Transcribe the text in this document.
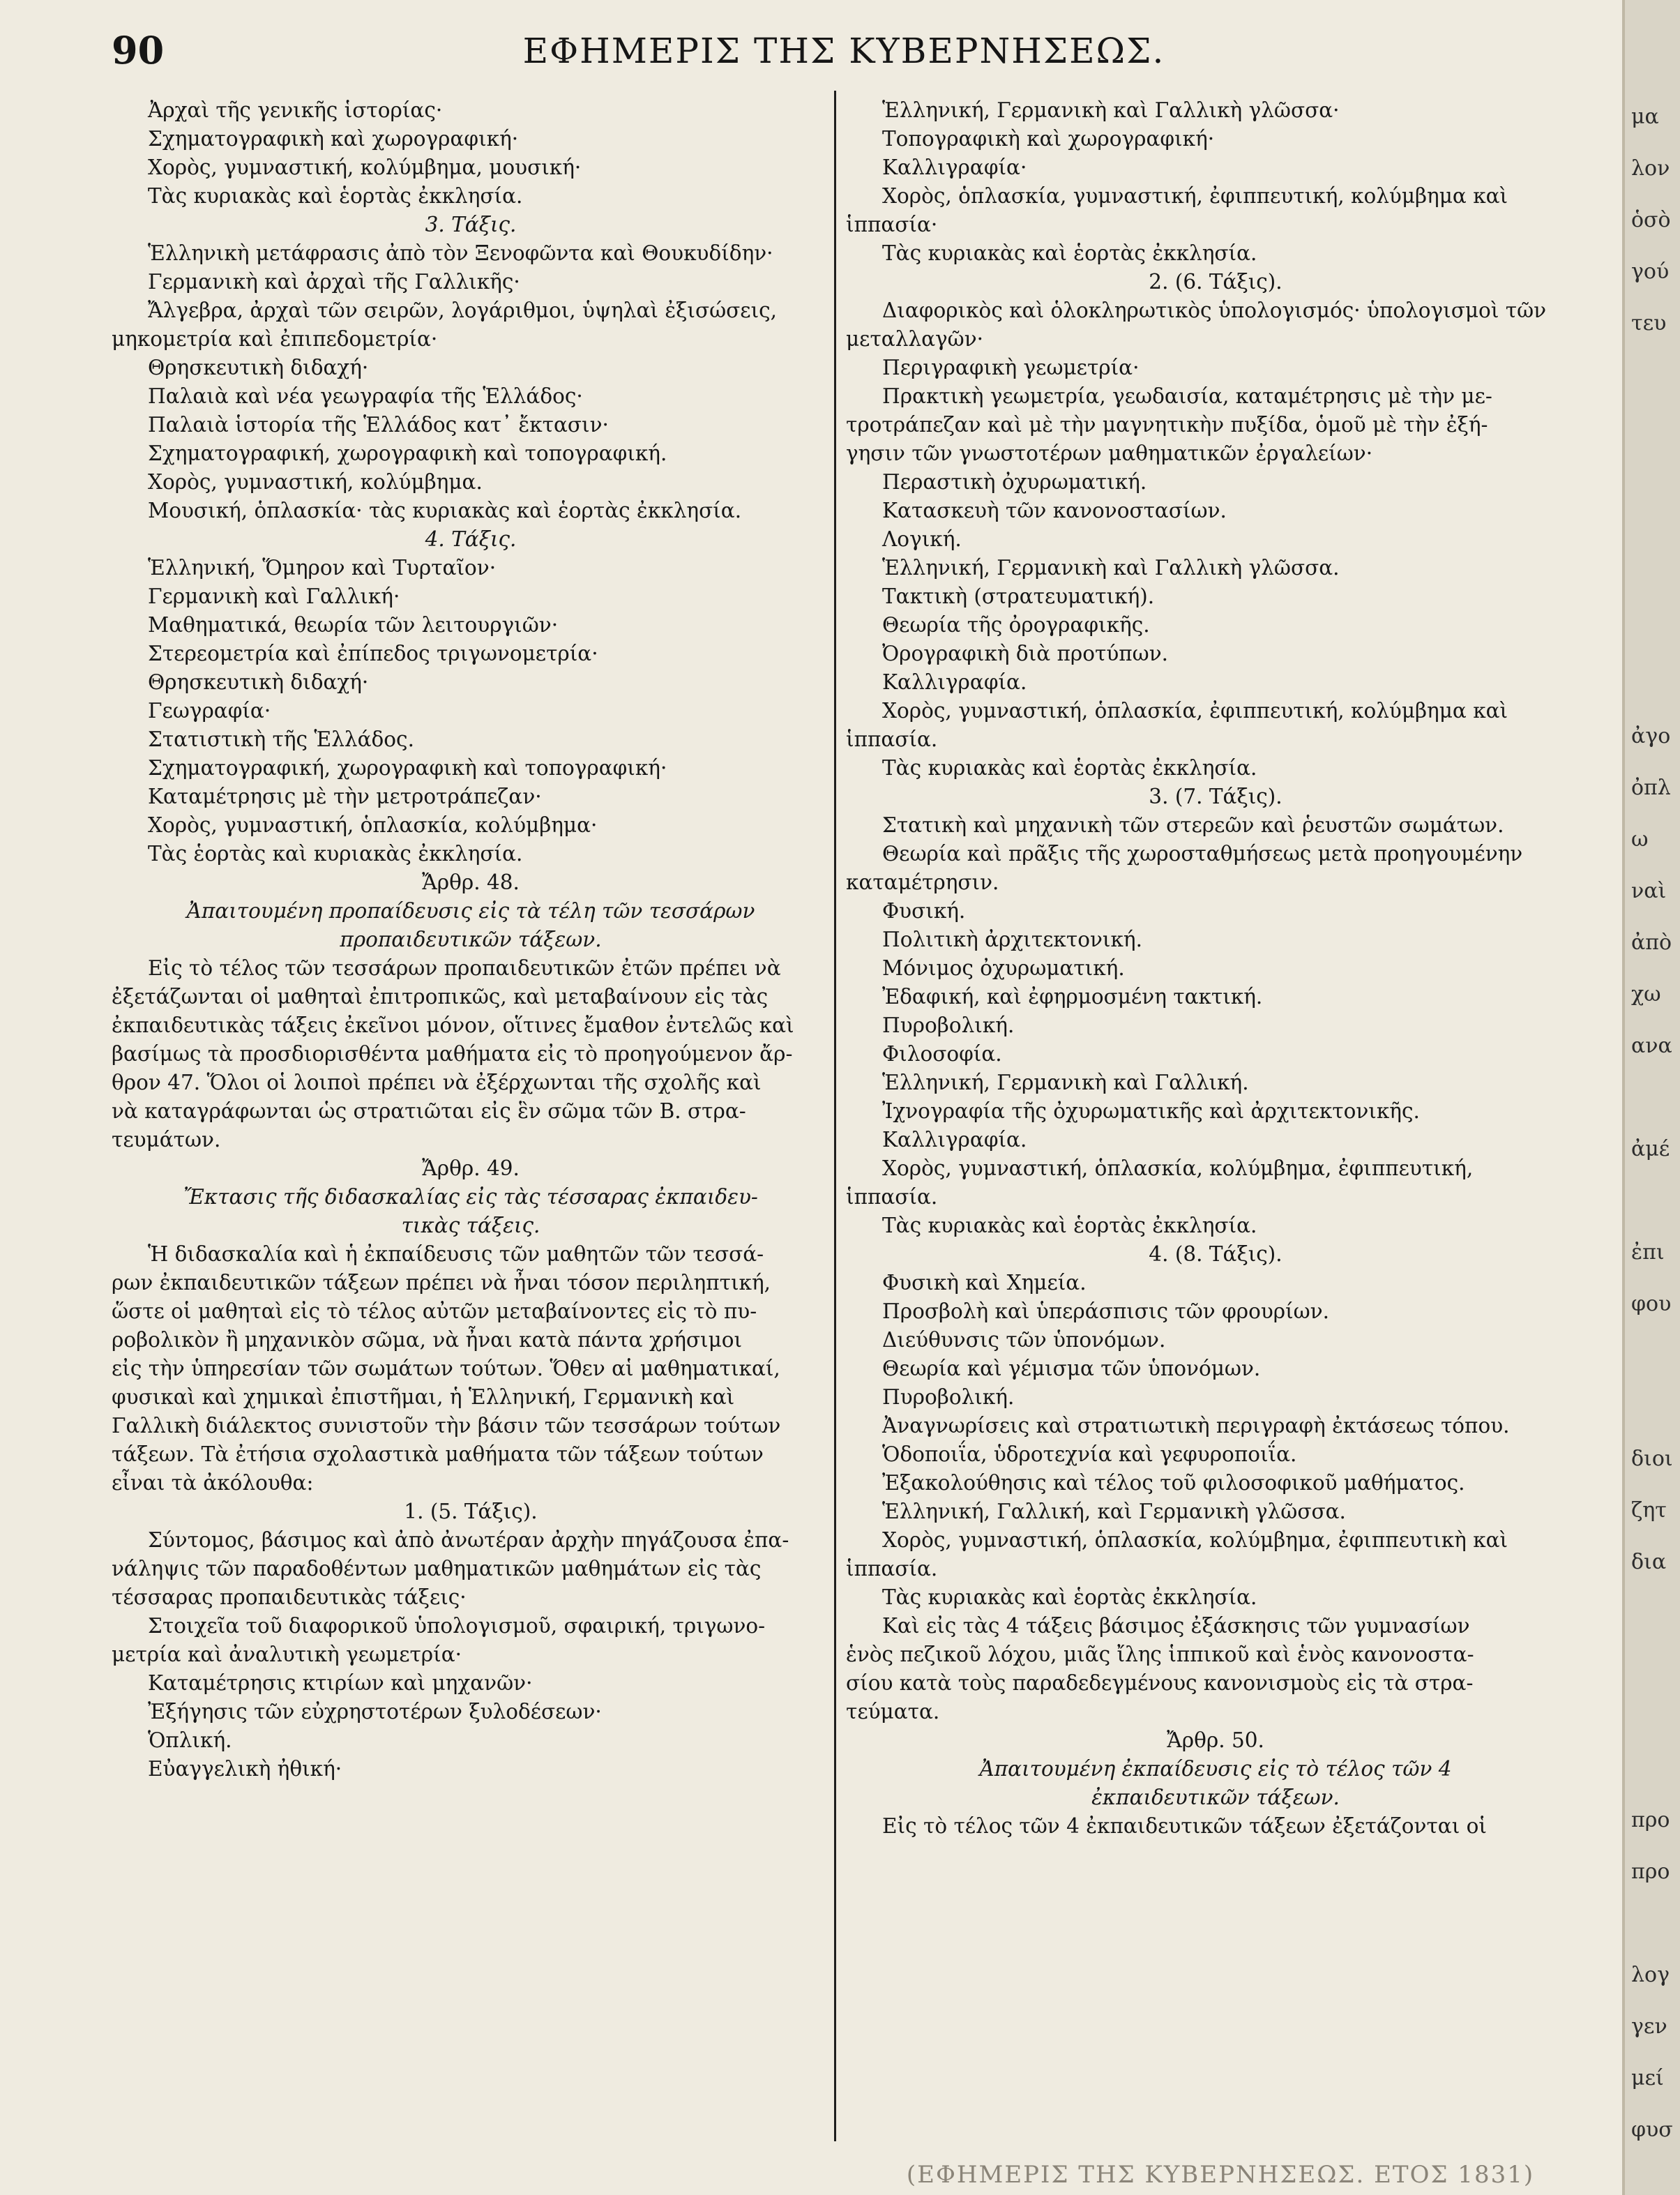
90	ΕΦΗΜΕΡΙΣ ΤΗΣ ΚΥΒΕΡΝΗΣΕΩΣ.
Ἀρχαὶ τῆς γενικῆς ἱστορίας·
Σχηματογραφικὴ καὶ χωρογραφική·
Χορὸς, γυμναστική, κολύμβημα, μουσική·
Τὰς κυριακὰς καὶ ἑορτὰς ἐκκλησία.
3. Τάξις.
Ἑλληνικὴ μετάφρασις ἀπὸ τὸν Ξενοφῶντα καὶ Θουκυδίδην·
Γερμανικὴ καὶ ἀρχαὶ τῆς Γαλλικῆς·
Ἄλγεβρα, ἀρχαὶ τῶν σειρῶν, λογάριθμοι, ὑψηλαὶ ἐξισώσεις,
μηκομετρία καὶ ἐπιπεδομετρία·
Θρησκευτικὴ διδαχή·
Παλαιὰ καὶ νέα γεωγραφία τῆς Ἑλλάδος·
Παλαιὰ ἱστορία τῆς Ἑλλάδος κατ᾽ ἔκτασιν·
Σχηματογραφική, χωρογραφικὴ καὶ τοπογραφική.
Χορὸς, γυμναστική, κολύμβημα.
Μουσική, ὁπλασκία· τὰς κυριακὰς καὶ ἑορτὰς ἐκκλησία.
4. Τάξις.
Ἑλληνική, Ὅμηρον καὶ Τυρταῖον·
Γερμανικὴ καὶ Γαλλική·
Μαθηματικά, θεωρία τῶν λειτουργιῶν·
Στερεομετρία καὶ ἐπίπεδος τριγωνομετρία·
Θρησκευτικὴ διδαχή·
Γεωγραφία·
Στατιστικὴ τῆς Ἑλλάδος.
Σχηματογραφική, χωρογραφικὴ καὶ τοπογραφική·
Καταμέτρησις μὲ τὴν μετροτράπεζαν·
Χορὸς, γυμναστική, ὁπλασκία, κολύμβημα·
Τὰς ἑορτὰς καὶ κυριακὰς ἐκκλησία.
Ἄρθρ. 48.
Ἀπαιτουμένη προπαίδευσις εἰς τὰ τέλη τῶν τεσσάρων
προπαιδευτικῶν τάξεων.
Εἰς τὸ τέλος τῶν τεσσάρων προπαιδευτικῶν ἐτῶν πρέπει νὰ
ἐξετάζωνται οἱ μαθηταὶ ἐπιτροπικῶς, καὶ μεταβαίνουν εἰς τὰς
ἐκπαιδευτικὰς τάξεις ἐκεῖνοι μόνον, οἵτινες ἔμαθον ἐντελῶς καὶ
βασίμως τὰ προσδιορισθέντα μαθήματα εἰς τὸ προηγούμενον ἄρ-
θρον 47. Ὅλοι οἱ λοιποὶ πρέπει νὰ ἐξέρχωνται τῆς σχολῆς καὶ
νὰ καταγράφωνται ὡς στρατιῶται εἰς ἓν σῶμα τῶν Β. στρα-
τευμάτων.
Ἄρθρ. 49.
Ἔκτασις τῆς διδασκαλίας εἰς τὰς τέσσαρας ἐκπαιδευ-
τικὰς τάξεις.
Ἡ διδασκαλία καὶ ἡ ἐκπαίδευσις τῶν μαθητῶν τῶν τεσσά-
ρων ἐκπαιδευτικῶν τάξεων πρέπει νὰ ἦναι τόσον περιληπτική,
ὥστε οἱ μαθηταὶ εἰς τὸ τέλος αὐτῶν μεταβαίνοντες εἰς τὸ πυ-
ροβολικὸν ἢ μηχανικὸν σῶμα, νὰ ἦναι κατὰ πάντα χρήσιμοι
εἰς τὴν ὑπηρεσίαν τῶν σωμάτων τούτων. Ὅθεν αἱ μαθηματικαί,
φυσικαὶ καὶ χημικαὶ ἐπιστῆμαι, ἡ Ἑλληνική, Γερμανικὴ καὶ
Γαλλικὴ διάλεκτος συνιστοῦν τὴν βάσιν τῶν τεσσάρων τούτων
τάξεων. Τὰ ἐτήσια σχολαστικὰ μαθήματα τῶν τάξεων τούτων
εἶναι τὰ ἀκόλουθα:
1. (5. Τάξις).
Σύντομος, βάσιμος καὶ ἀπὸ ἀνωτέραν ἀρχὴν πηγάζουσα ἐπα-
νάληψις τῶν παραδοθέντων μαθηματικῶν μαθημάτων εἰς τὰς
τέσσαρας προπαιδευτικὰς τάξεις·
Στοιχεῖα τοῦ διαφορικοῦ ὑπολογισμοῦ, σφαιρική, τριγωνο-
μετρία καὶ ἀναλυτικὴ γεωμετρία·
Καταμέτρησις κτιρίων καὶ μηχανῶν·
Ἐξήγησις τῶν εὐχρηστοτέρων ξυλοδέσεων·
Ὁπλική.
Εὐαγγελικὴ ἠθική·
Ἑλληνική, Γερμανικὴ καὶ Γαλλικὴ γλῶσσα·
Τοπογραφικὴ καὶ χωρογραφική·
Καλλιγραφία·
Χορὸς, ὁπλασκία, γυμναστική, ἐφιππευτική, κολύμβημα καὶ
ἱππασία·
Τὰς κυριακὰς καὶ ἑορτὰς ἐκκλησία.
2. (6. Τάξις).
Διαφορικὸς καὶ ὁλοκληρωτικὸς ὑπολογισμός· ὑπολογισμοὶ τῶν
μεταλλαγῶν·
Περιγραφικὴ γεωμετρία·
Πρακτικὴ γεωμετρία, γεωδαισία, καταμέτρησις μὲ τὴν με-
τροτράπεζαν καὶ μὲ τὴν μαγνητικὴν πυξίδα, ὁμοῦ μὲ τὴν ἐξή-
γησιν τῶν γνωστοτέρων μαθηματικῶν ἐργαλείων·
Περαστικὴ ὀχυρωματική.
Κατασκευὴ τῶν κανονοστασίων.
Λογική.
Ἑλληνική, Γερμανικὴ καὶ Γαλλικὴ γλῶσσα.
Τακτικὴ (στρατευματική).
Θεωρία τῆς ὀρογραφικῆς.
Ὀρογραφικὴ διὰ προτύπων.
Καλλιγραφία.
Χορὸς, γυμναστική, ὁπλασκία, ἐφιππευτική, κολύμβημα καὶ
ἱππασία.
Τὰς κυριακὰς καὶ ἑορτὰς ἐκκλησία.
3. (7. Τάξις).
Στατικὴ καὶ μηχανικὴ τῶν στερεῶν καὶ ῥευστῶν σωμάτων.
Θεωρία καὶ πρᾶξις τῆς χωροσταθμήσεως μετὰ προηγουμένην
καταμέτρησιν.
Φυσική.
Πολιτικὴ ἀρχιτεκτονική.
Μόνιμος ὀχυρωματική.
Ἐδαφική, καὶ ἐφηρμοσμένη τακτική.
Πυροβολική.
Φιλοσοφία.
Ἑλληνική, Γερμανικὴ καὶ Γαλλική.
Ἰχνογραφία τῆς ὀχυρωματικῆς καὶ ἀρχιτεκτονικῆς.
Καλλιγραφία.
Χορὸς, γυμναστική, ὁπλασκία, κολύμβημα, ἐφιππευτική,
ἱππασία.
Τὰς κυριακὰς καὶ ἑορτὰς ἐκκλησία.
4. (8. Τάξις).
Φυσικὴ καὶ Χημεία.
Προσβολὴ καὶ ὑπεράσπισις τῶν φρουρίων.
Διεύθυνσις τῶν ὑπονόμων.
Θεωρία καὶ γέμισμα τῶν ὑπονόμων.
Πυροβολική.
Ἀναγνωρίσεις καὶ στρατιωτικὴ περιγραφὴ ἐκτάσεως τόπου.
Ὁδοποιΐα, ὑδροτεχνία καὶ γεφυροποιΐα.
Ἐξακολούθησις καὶ τέλος τοῦ φιλοσοφικοῦ μαθήματος.
Ἑλληνική, Γαλλική, καὶ Γερμανικὴ γλῶσσα.
Χορὸς, γυμναστική, ὁπλασκία, κολύμβημα, ἐφιππευτικὴ καὶ
ἱππασία.
Τὰς κυριακὰς καὶ ἑορτὰς ἐκκλησία.
Καὶ εἰς τὰς 4 τάξεις βάσιμος ἐξάσκησις τῶν γυμνασίων
ἑνὸς πεζικοῦ λόχου, μιᾶς ἴλης ἱππικοῦ καὶ ἑνὸς κανονοστα-
σίου κατὰ τοὺς παραδεδεγμένους κανονισμοὺς εἰς τὰ στρα-
τεύματα.
Ἄρθρ. 50.
Ἀπαιτουμένη ἐκπαίδευσις εἰς τὸ τέλος τῶν 4
ἐκπαιδευτικῶν τάξεων.
Εἰς τὸ τέλος τῶν 4 ἐκπαιδευτικῶν τάξεων ἐξετάζονται οἱ
(ΕΦΗΜΕΡΙΣ ΤΗΣ ΚΥΒΕΡΝΗΣΕΩΣ. ΕΤΟΣ 1831)
μα
λον
ὁσὸ
γού
τευ
ἀγο
ὀπλ
ω
ναὶ
ἀπὸ
χω
ανα
ἀμέ
ἐπι
φου
διοι
ζητ
δια
προ
προ
λογ
γεν
μεί
φυσ
